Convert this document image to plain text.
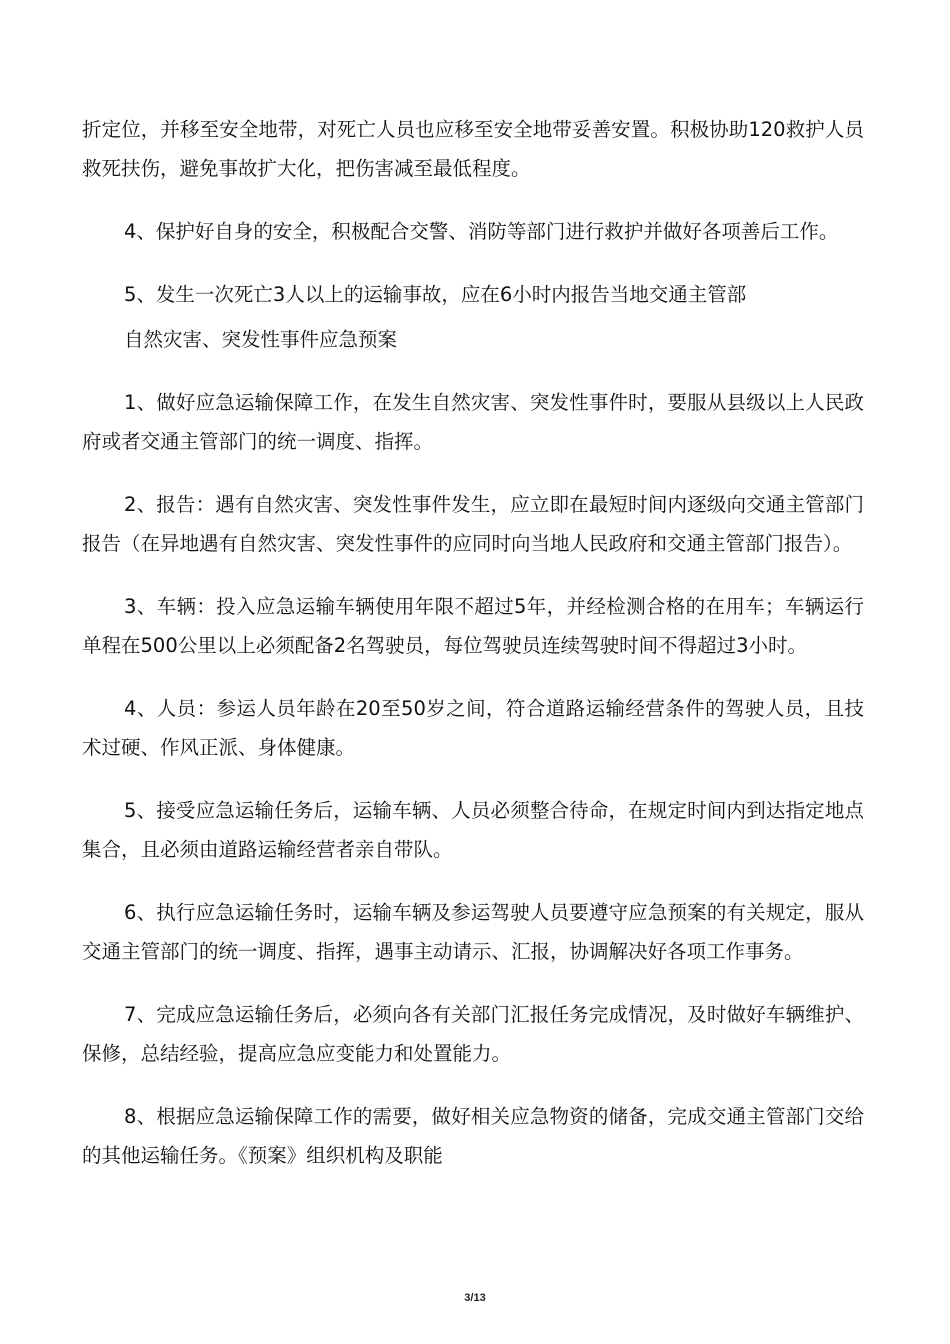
折定位，并移至安全地带，对死亡人员也应移至安全地带妥善安置。积极协助120救护人员救死扶伤，避免事故扩大化，把伤害减至最低程度。

4、保护好自身的安全，积极配合交警、消防等部门进行救护并做好各项善后工作。

5、发生一次死亡3人以上的运输事故，应在6小时内报告当地交通主管部

自然灾害、突发性事件应急预案

1、做好应急运输保障工作，在发生自然灾害、突发性事件时，要服从县级以上人民政府或者交通主管部门的统一调度、指挥。

2、报告：遇有自然灾害、突发性事件发生，应立即在最短时间内逐级向交通主管部门报告（在异地遇有自然灾害、突发性事件的应同时向当地人民政府和交通主管部门报告）。

3、车辆：投入应急运输车辆使用年限不超过5年，并经检测合格的在用车；车辆运行单程在500公里以上必须配备2名驾驶员，每位驾驶员连续驾驶时间不得超过3小时。

4、人员：参运人员年龄在20至50岁之间，符合道路运输经营条件的驾驶人员，且技术过硬、作风正派、身体健康。

5、接受应急运输任务后，运输车辆、人员必须整合待命，在规定时间内到达指定地点集合，且必须由道路运输经营者亲自带队。

6、执行应急运输任务时，运输车辆及参运驾驶人员要遵守应急预案的有关规定，服从交通主管部门的统一调度、指挥，遇事主动请示、汇报，协调解决好各项工作事务。

7、完成应急运输任务后，必须向各有关部门汇报任务完成情况，及时做好车辆维护、保修，总结经验，提高应急应变能力和处置能力。

8、根据应急运输保障工作的需要，做好相关应急物资的储备，完成交通主管部门交给的其他运输任务。《预案》组织机构及职能

3/13
